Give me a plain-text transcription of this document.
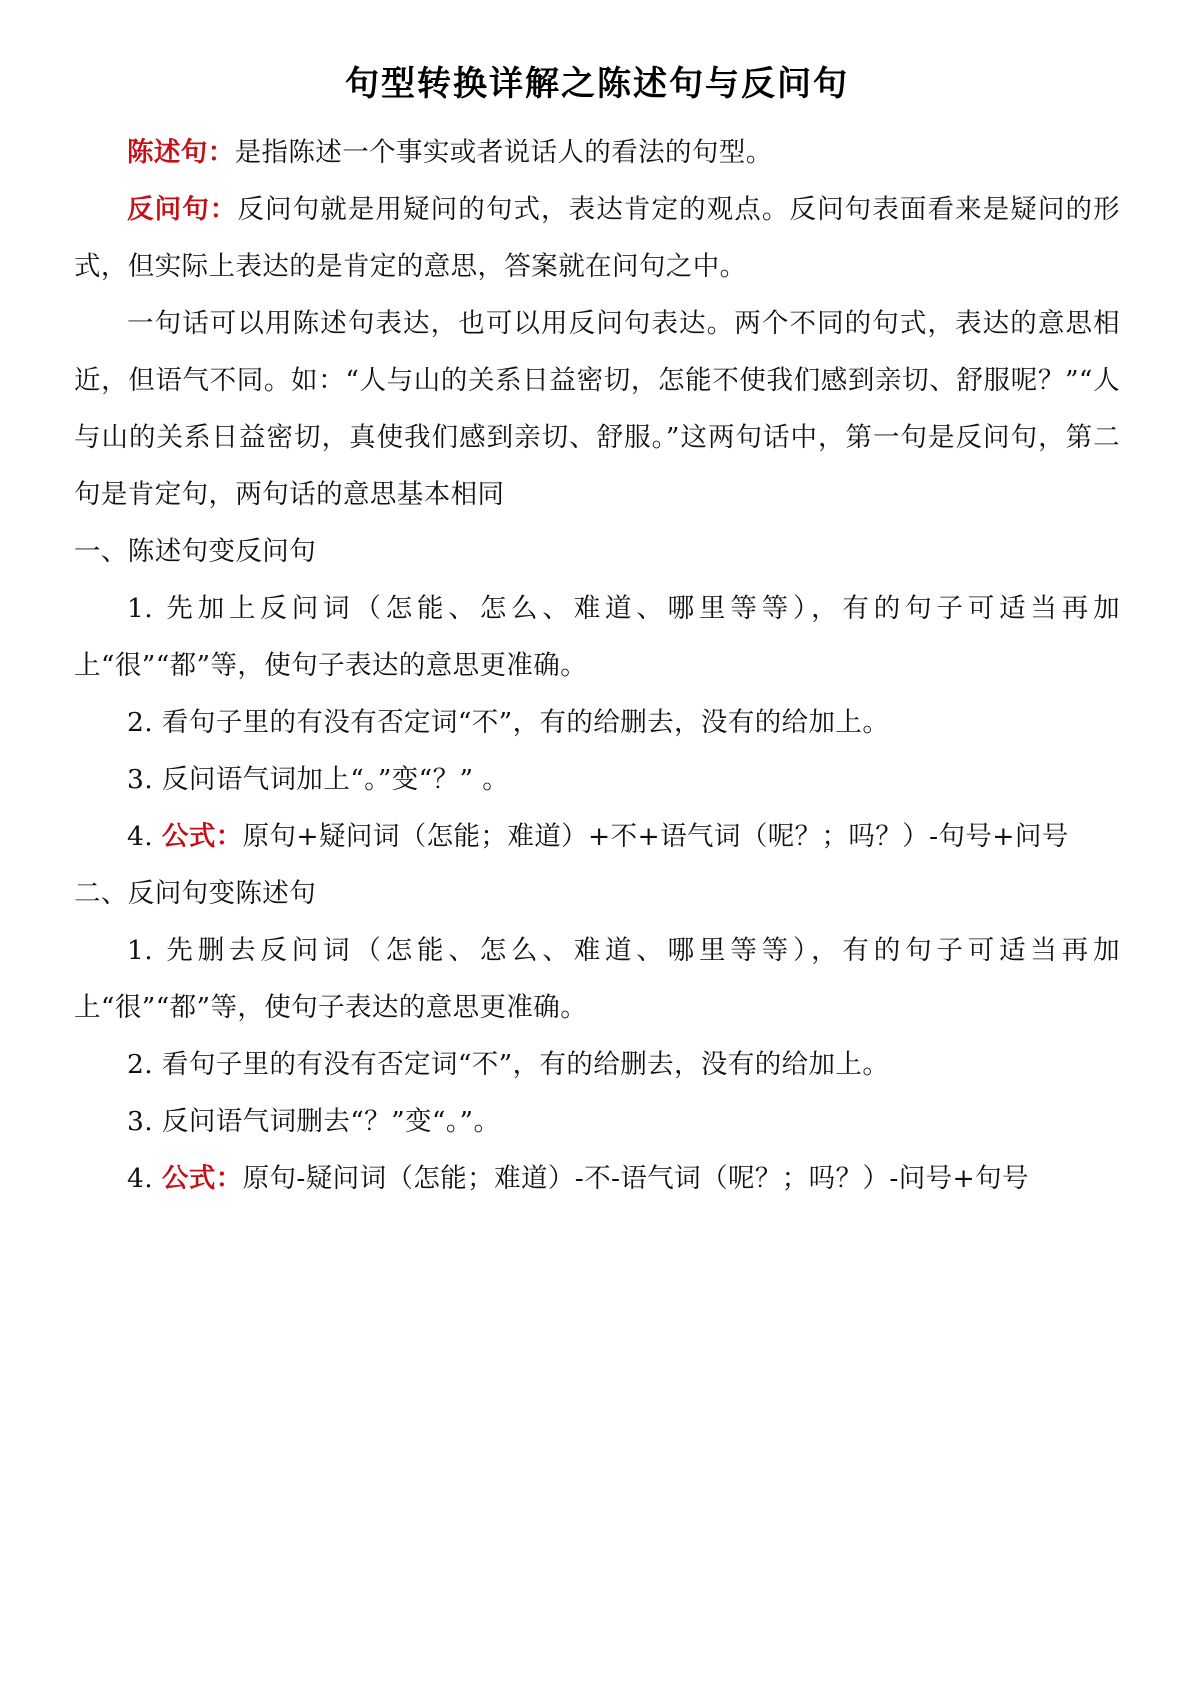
句型转换详解之陈述句与反问句

陈述句：是指陈述一个事实或者说话人的看法的句型。

反问句：反问句就是用疑问的句式，表达肯定的观点。反问句表面看来是疑问的形式，但实际上表达的是肯定的意思，答案就在问句之中。

一句话可以用陈述句表达，也可以用反问句表达。两个不同的句式，表达的意思相近，但语气不同。如：“人与山的关系日益密切，怎能不使我们感到亲切、舒服呢？”“人与山的关系日益密切，真使我们感到亲切、舒服。”这两句话中，第一句是反问句，第二句是肯定句，两句话的意思基本相同

一、陈述句变反问句

1. 先加上反问词（怎能、怎么、难道、哪里等等），有的句子可适当再加上“很”“都”等，使句子表达的意思更准确。

2. 看句子里的有没有否定词“不”，有的给删去，没有的给加上。

3. 反问语气词加上“。”变“？” 。

4. 公式：原句+疑问词（怎能；难道）+不+语气词（呢？；吗？）-句号+问号

二、反问句变陈述句

1. 先删去反问词（怎能、怎么、难道、哪里等等），有的句子可适当再加上“很”“都”等，使句子表达的意思更准确。

2. 看句子里的有没有否定词“不”，有的给删去，没有的给加上。

3. 反问语气词删去“？”变“。”。

4. 公式：原句-疑问词（怎能；难道）-不-语气词（呢？；吗？）-问号+句号
